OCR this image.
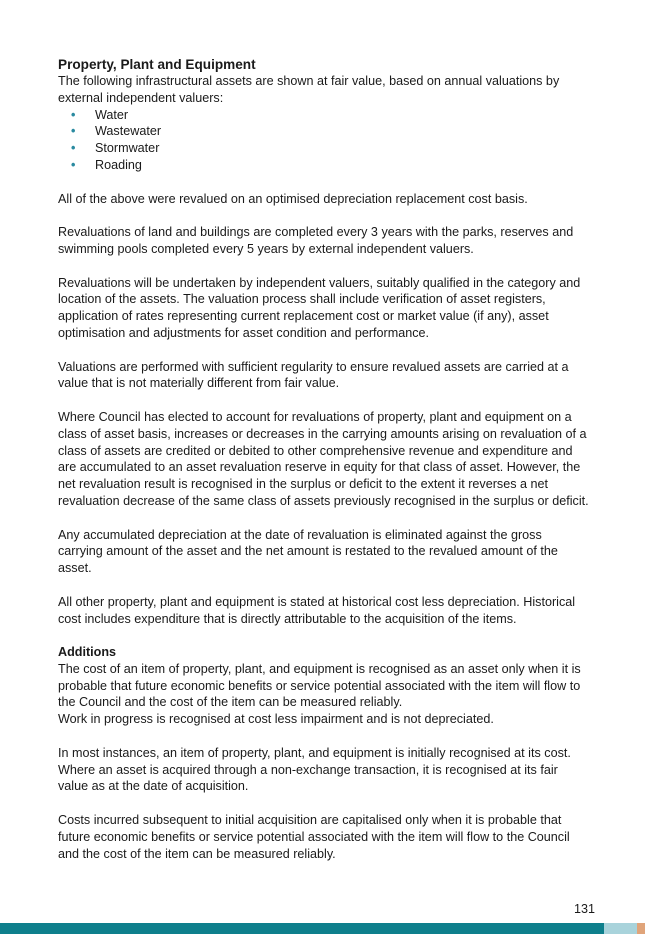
Property, Plant and Equipment

The following infrastructural assets are shown at fair value, based on annual valuations by external independent valuers:

• Water
• Wastewater
• Stormwater
• Roading

All of the above were revalued on an optimised depreciation replacement cost basis.

Revaluations of land and buildings are completed every 3 years with the parks, reserves and swimming pools completed every 5 years by external independent valuers.

Revaluations will be undertaken by independent valuers, suitably qualified in the category and location of the assets. The valuation process shall include verification of asset registers, application of rates representing current replacement cost or market value (if any), asset optimisation and adjustments for asset condition and performance.

Valuations are performed with sufficient regularity to ensure revalued assets are carried at a value that is not materially different from fair value.

Where Council has elected to account for revaluations of property, plant and equipment on a class of asset basis, increases or decreases in the carrying amounts arising on revaluation of a class of assets are credited or debited to other comprehensive revenue and expenditure and are accumulated to an asset revaluation reserve in equity for that class of asset. However, the net revaluation result is recognised in the surplus or deficit to the extent it reverses a net revaluation decrease of the same class of assets previously recognised in the surplus or deficit.

Any accumulated depreciation at the date of revaluation is eliminated against the gross carrying amount of the asset and the net amount is restated to the revalued amount of the asset.

All other property, plant and equipment is stated at historical cost less depreciation. Historical cost includes expenditure that is directly attributable to the acquisition of the items.

Additions

The cost of an item of property, plant, and equipment is recognised as an asset only when it is probable that future economic benefits or service potential associated with the item will flow to the Council and the cost of the item can be measured reliably.

Work in progress is recognised at cost less impairment and is not depreciated.

In most instances, an item of property, plant, and equipment is initially recognised at its cost. Where an asset is acquired through a non-exchange transaction, it is recognised at its fair value as at the date of acquisition.

Costs incurred subsequent to initial acquisition are capitalised only when it is probable that future economic benefits or service potential associated with the item will flow to the Council and the cost of the item can be measured reliably.

131
